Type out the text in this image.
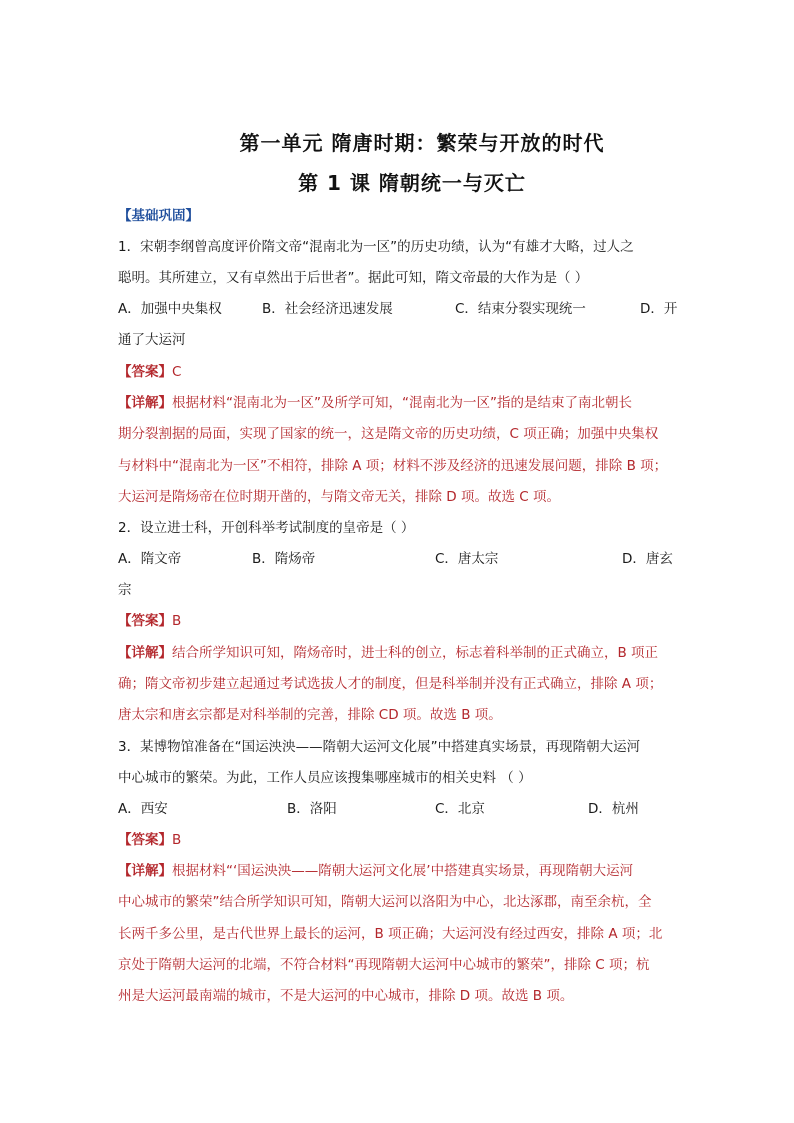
第一单元 隋唐时期：繁荣与开放的时代
第 1 课 隋朝统一与灭亡
【基础巩固】
1．宋朝李纲曾高度评价隋文帝“混南北为一区”的历史功绩，认为“有雄才大略，过人之
聪明。其所建立，又有卓然出于后世者”。据此可知，隋文帝最的大作为是（ ）
A．加强中央集权	B．社会经济迅速发展	C．结束分裂实现统一	D．开
通了大运河
【答案】C
【详解】根据材料“混南北为一区”及所学可知，“混南北为一区”指的是结束了南北朝长
期分裂割据的局面，实现了国家的统一，这是隋文帝的历史功绩，C 项正确；加强中央集权
与材料中“混南北为一区”不相符，排除 A 项；材料不涉及经济的迅速发展问题，排除 B 项；
大运河是隋炀帝在位时期开凿的，与隋文帝无关，排除 D 项。故选 C 项。
2．设立进士科，开创科举考试制度的皇帝是（ ）
A．隋文帝	B．隋炀帝	C．唐太宗	D．唐玄
宗
【答案】B
【详解】结合所学知识可知，隋炀帝时，进士科的创立，标志着科举制的正式确立，B 项正
确；隋文帝初步建立起通过考试选拔人才的制度，但是科举制并没有正式确立，排除 A 项；
唐太宗和唐玄宗都是对科举制的完善，排除 CD 项。故选 B 项。
3．某博物馆准备在“国运泱泱——隋朝大运河文化展”中搭建真实场景，再现隋朝大运河
中心城市的繁荣。为此，工作人员应该搜集哪座城市的相关史料 （ ）
A．西安	B．洛阳	C．北京	D．杭州
【答案】B
【详解】根据材料“‘国运泱泱——隋朝大运河文化展’中搭建真实场景，再现隋朝大运河
中心城市的繁荣”结合所学知识可知，隋朝大运河以洛阳为中心，北达涿郡，南至余杭，全
长两千多公里，是古代世界上最长的运河，B 项正确；大运河没有经过西安，排除 A 项；北
京处于隋朝大运河的北端，不符合材料“再现隋朝大运河中心城市的繁荣”，排除 C 项；杭
州是大运河最南端的城市，不是大运河的中心城市，排除 D 项。故选 B 项。
